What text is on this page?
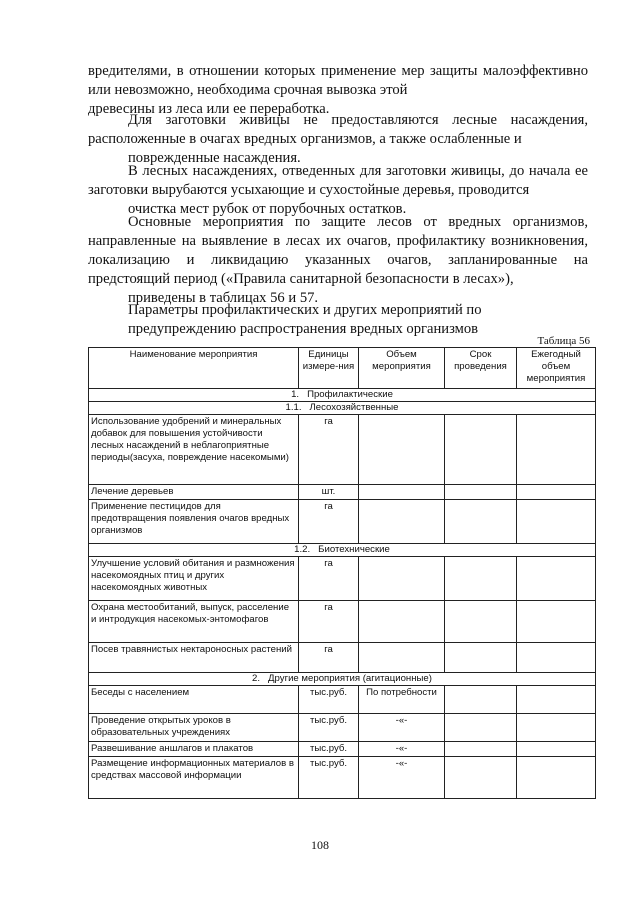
вредителями, в отношении которых применение мер защиты малоэффективно или невозможно, необходима срочная вывозка этой
древесины из леса или ее переработка.

Для заготовки живицы не предоставляются лесные насаждения, расположенные в очагах вредных организмов, а также ослабленные и
поврежденные насаждения.

В лесных насаждениях, отведенных для заготовки живицы, до начала ее заготовки вырубаются усыхающие и сухостойные деревья, проводится
очистка мест рубок от порубочных остатков.

Основные мероприятия по защите лесов от вредных организмов, направленные на выявление в лесах их очагов, профилактику возникновения, локализацию и ликвидацию указанных очагов, запланированные на предстоящий период («Правила санитарной безопасности в лесах»),
приведены в таблицах 56 и 57.

Параметры профилактических и других мероприятий по
предупреждению распространения вредных организмов

Таблица 56
Наименование мероприятия	Единицы измере-ния	Объем мероприятия	Срок проведения	Ежегодный объем мероприятия
1. Профилактические				
1.1. Лесохозяйственные				
Использование удобрений и минеральных добавок для повышения устойчивости лесных насаждений в неблагоприятные периоды(засуха, повреждение насекомыми)	га			
Лечение деревьев	шт.			
Применение пестицидов для предотвращения появления очагов вредных организмов	га			
1.2. Биотехнические				
Улучшение условий обитания и размножения насекомоядных птиц и других насекомоядных животных	га			
Охрана местообитаний, выпуск, расселение и интродукция насекомых-энтомофагов	га			
Посев травянистых нектароносных растений	га			
2. Другие мероприятия (агитационные)				
Беседы с населением	тыс.руб.	По потребности		
Проведение открытых уроков в образовательных учреждениях	тыс.руб.	-«-		
Развешивание аншлагов и плакатов	тыс.руб.	-«-		
Размещение информационных материалов в средствах массовой информации	тыс.руб.	-«-		
108
